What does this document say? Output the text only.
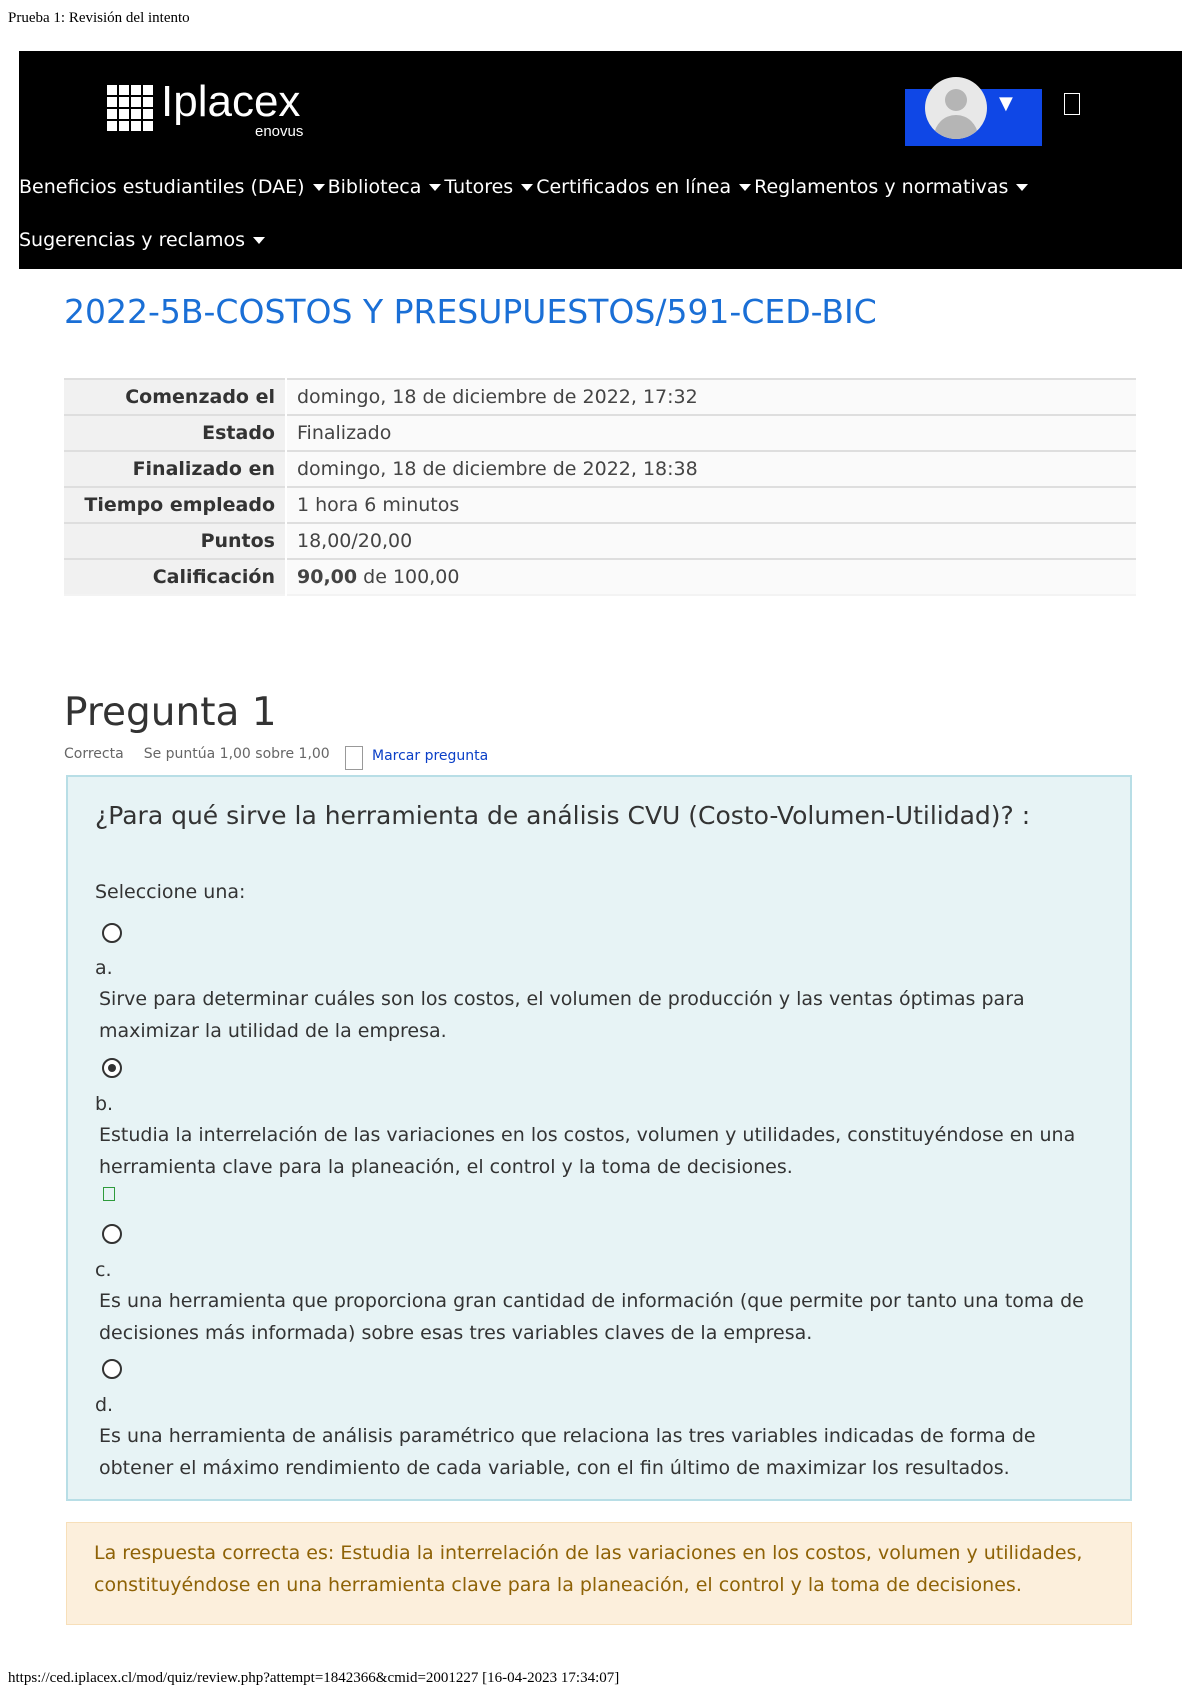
Prueba 1: Revisión del intento
Iplacex
enovus
▼
Beneficios estudiantiles (DAE) Biblioteca Tutores Certificados en línea Reglamentos y normativas
Sugerencias y reclamos
2022-5B-COSTOS Y PRESUPUESTOS/591-CED-BIC
Comenzado el	domingo, 18 de diciembre de 2022, 17:32
Estado	Finalizado
Finalizado en	domingo, 18 de diciembre de 2022, 18:38
Tiempo empleado	1 hora 6 minutos
Puntos	18,00/20,00
Calificación	90,00 de 100,00
Pregunta 1
Correcta Se puntúa 1,00 sobre 1,00	Marcar pregunta
¿Para qué sirve la herramienta de análisis CVU (Costo-Volumen-Utilidad)? :
Seleccione una:
a.
Sirve para determinar cuáles son los costos, el volumen de producción y las ventas óptimas para maximizar la utilidad de la empresa.
b.
Estudia la interrelación de las variaciones en los costos, volumen y utilidades, constituyéndose en una herramienta clave para la planeación, el control y la toma de decisiones.
c.
Es una herramienta que proporciona gran cantidad de información (que permite por tanto una toma de decisiones más informada) sobre esas tres variables claves de la empresa.
d.
Es una herramienta de análisis paramétrico que relaciona las tres variables indicadas de forma de obtener el máximo rendimiento de cada variable, con el fin último de maximizar los resultados.

La respuesta correcta es: Estudia la interrelación de las variaciones en los costos, volumen y utilidades, constituyéndose en una herramienta clave para la planeación, el control y la toma de decisiones.

https://ced.iplacex.cl/mod/quiz/review.php?attempt=1842366&cmid=2001227 [16-04-2023 17:34:07]
